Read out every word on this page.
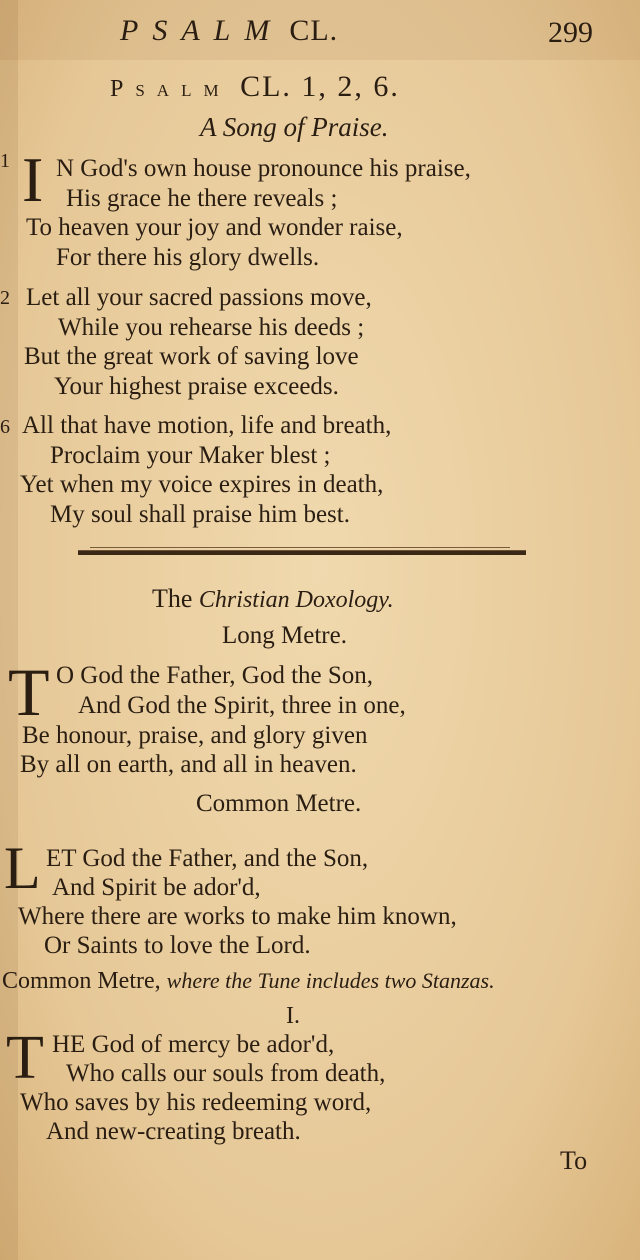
PSALM CL.	299
Psalm CL. 1, 2, 6.
A Song of Praise.
1 I N God's own house pronounce his praise,
His grace he there reveals ;
To heaven your joy and wonder raise,
For there his glory dwells.
2 Let all your sacred passions move,
While you rehearse his deeds ;
But the great work of saving love
Your highest praise exceeds.
6 All that have motion, life and breath,
Proclaim your Maker blest ;
Yet when my voice expires in death,
My soul shall praise him best.
The Christian Doxology.
Long Metre.
T O God the Father, God the Son,
And God the Spirit, three in one,
Be honour, praise, and glory given
By all on earth, and all in heaven.
Common Metre.
L ET God the Father, and the Son,
And Spirit be ador'd,
Where there are works to make him known,
Or Saints to love the Lord.
Common Metre, where the Tune includes two Stanzas.
I.
T HE God of mercy be ador'd,
Who calls our souls from death,
Who saves by his redeeming word,
And new-creating breath.
To
